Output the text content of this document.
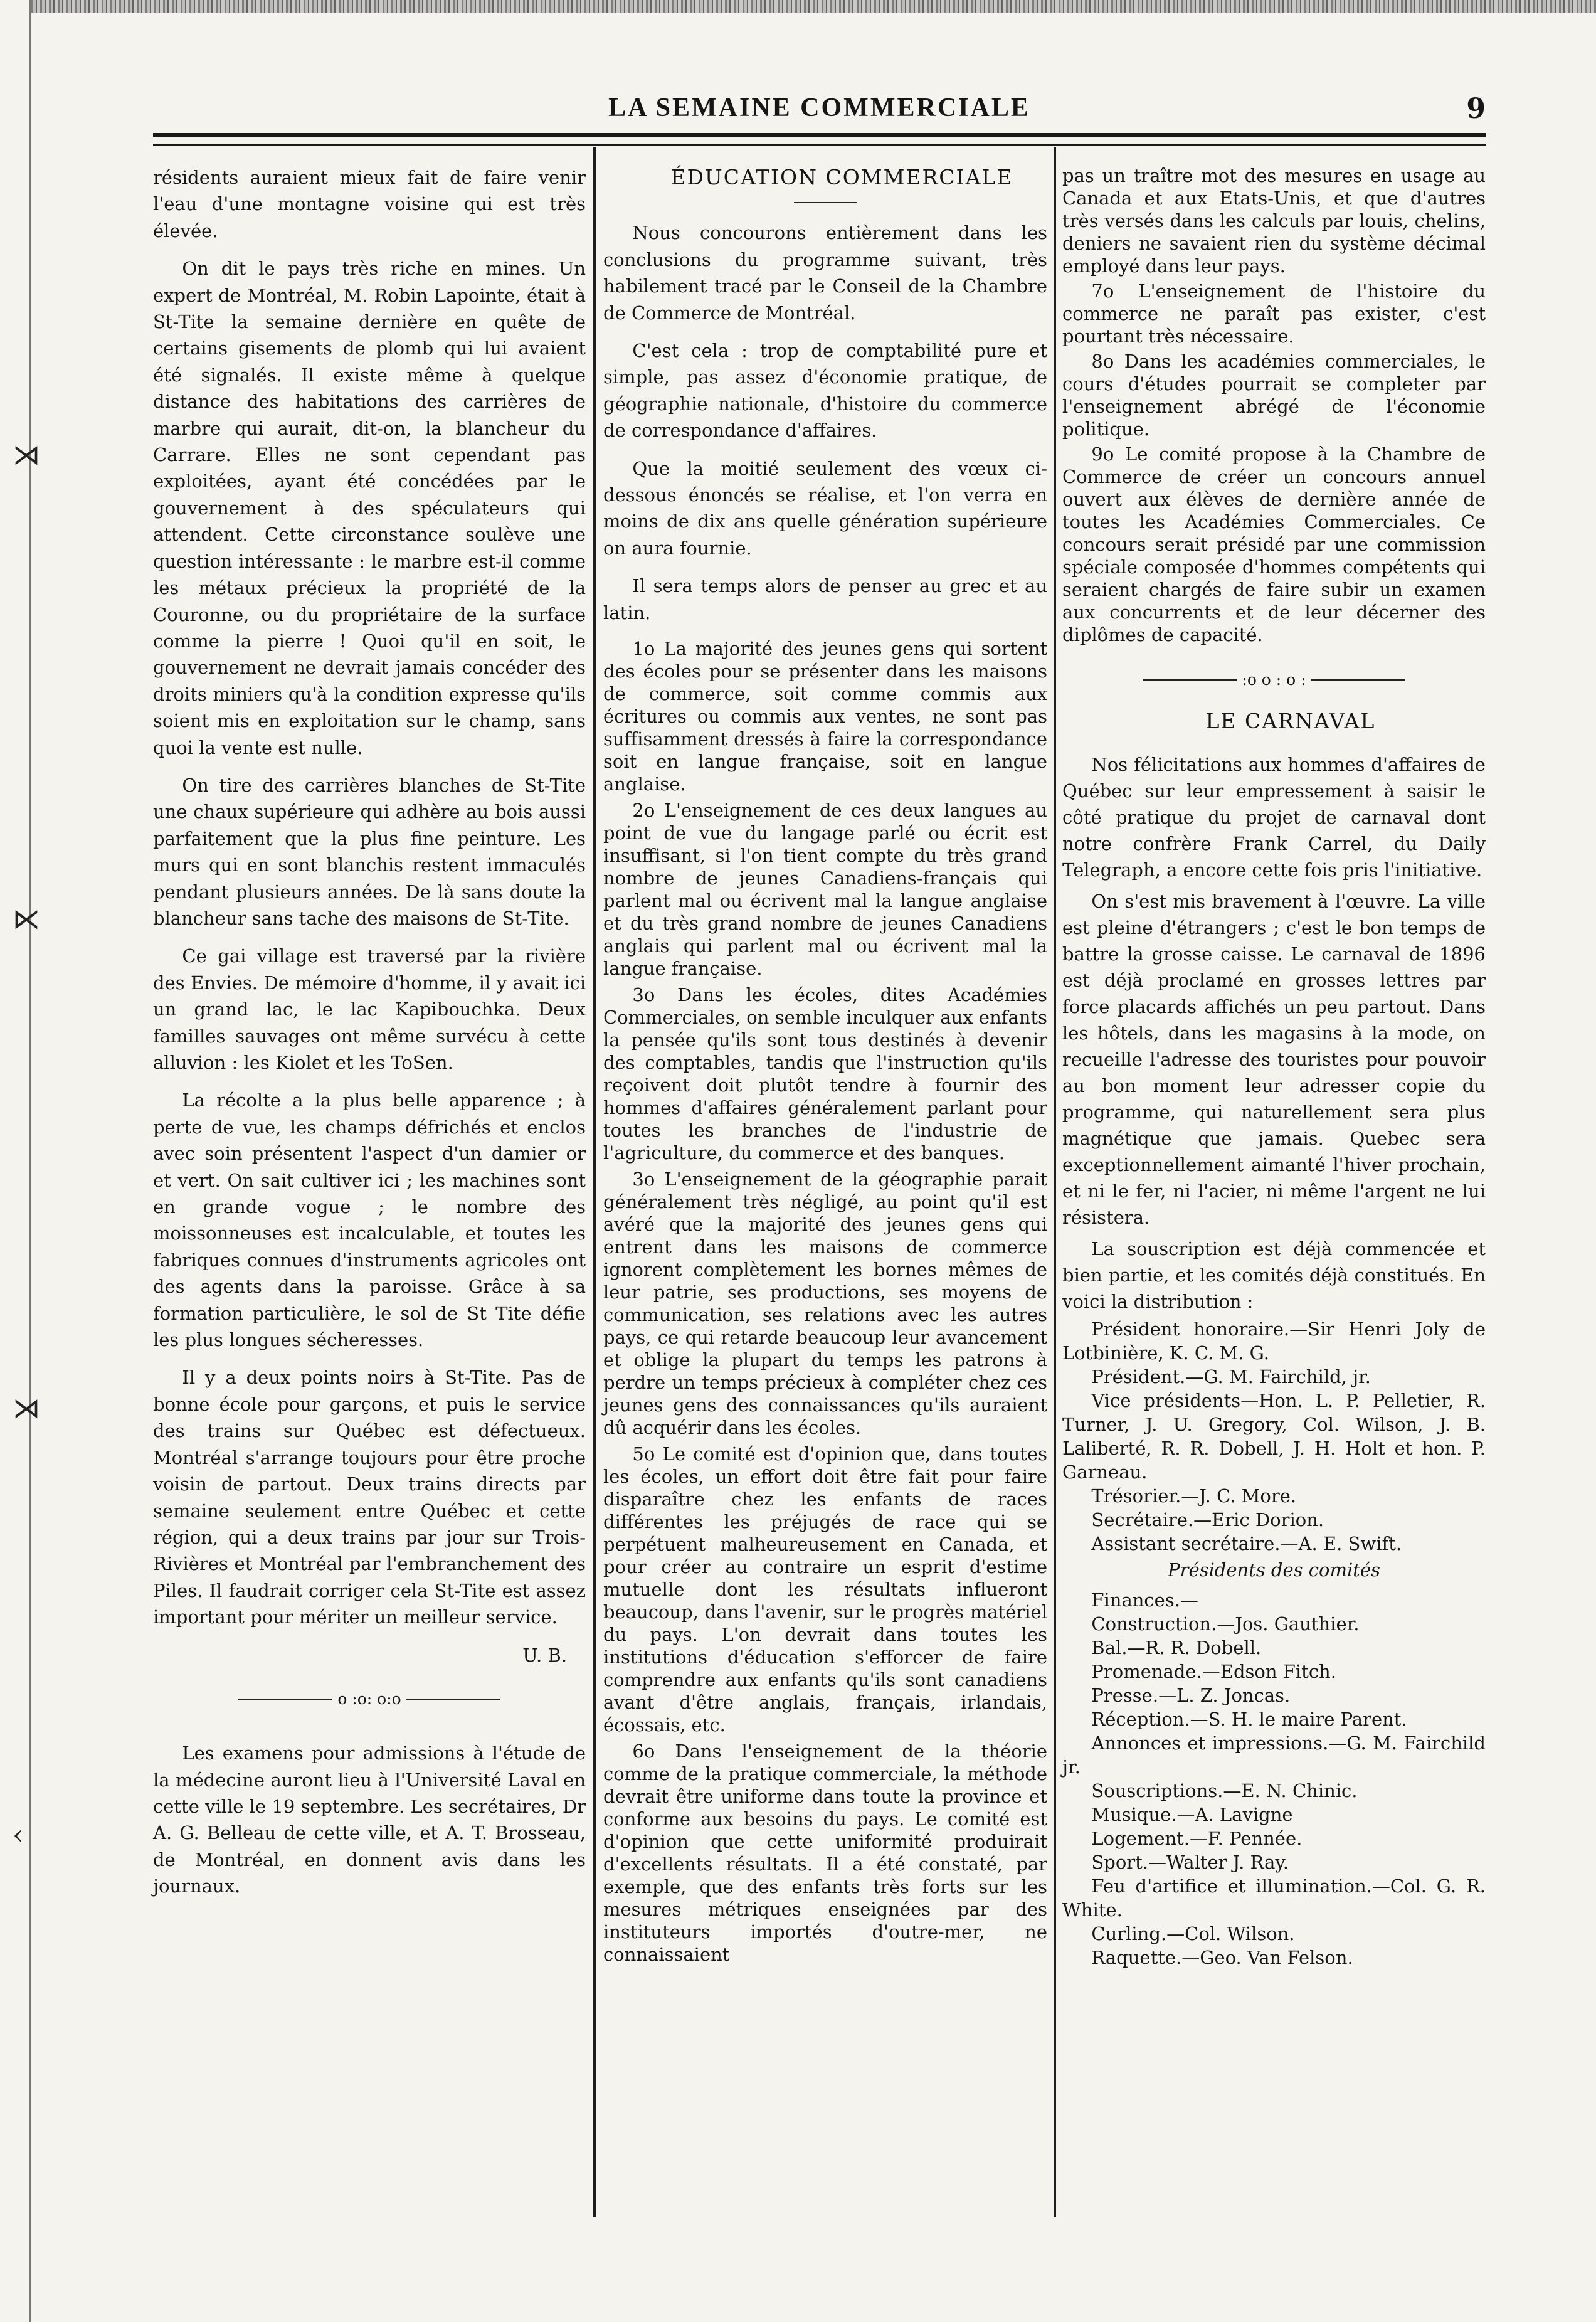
⋊
⋉
⋊
‹
LA SEMAINE COMMERCIALE	9

résidents auraient mieux fait de faire venir l'eau d'une montagne voisine qui est très élevée.

On dit le pays très riche en mines. Un expert de Montréal, M. Robin Lapointe, était à St-Tite la semaine dernière en quête de certains gisements de plomb qui lui avaient été signalés. Il existe même à quelque distance des habitations des carrières de marbre qui aurait, dit-on, la blancheur du Carrare. Elles ne sont cependant pas exploitées, ayant été concédées par le gouvernement à des spéculateurs qui attendent. Cette circonstance soulève une question intéressante : le marbre est-il comme les métaux précieux la propriété de la Couronne, ou du propriétaire de la surface comme la pierre ! Quoi qu'il en soit, le gouvernement ne devrait jamais concéder des droits miniers qu'à la condition expresse qu'ils soient mis en exploitation sur le champ, sans quoi la vente est nulle.

On tire des carrières blanches de St-Tite une chaux supérieure qui adhère au bois aussi parfaitement que la plus fine peinture. Les murs qui en sont blanchis restent immaculés pendant plusieurs années. De là sans doute la blancheur sans tache des maisons de St-Tite.

Ce gai village est traversé par la rivière des Envies. De mémoire d'homme, il y avait ici un grand lac, le lac Kapibouchka. Deux familles sauvages ont même survécu à cette alluvion : les Kiolet et les ToSen.

La récolte a la plus belle apparence ; à perte de vue, les champs défrichés et enclos avec soin présentent l'aspect d'un damier or et vert. On sait cultiver ici ; les machines sont en grande vogue ; le nombre des moissonneuses est incalculable, et toutes les fabriques connues d'instruments agricoles ont des agents dans la paroisse. Grâce à sa formation particulière, le sol de St Tite défie les plus longues sécheresses.

Il y a deux points noirs à St-Tite. Pas de bonne école pour garçons, et puis le service des trains sur Québec est défectueux. Montréal s'arrange toujours pour être proche voisin de partout. Deux trains directs par semaine seulement entre Québec et cette région, qui a deux trains par jour sur Trois-Rivières et Montréal par l'embranchement des Piles. Il faudrait corriger cela St-Tite est assez important pour mériter un meilleur service.

U. B.

o :o: o:o

Les examens pour admissions à l'étude de la médecine auront lieu à l'Université Laval en cette ville le 19 septembre. Les secrétaires, Dr A. G. Belleau de cette ville, et A. T. Brosseau, de Montréal, en donnent avis dans les journaux.

ÉDUCATION COMMERCIALE

Nous concourons entièrement dans les conclusions du programme suivant, très habilement tracé par le Conseil de la Chambre de Commerce de Montréal.

C'est cela : trop de comptabilité pure et simple, pas assez d'économie pratique, de géographie nationale, d'histoire du commerce de correspondance d'affaires.

Que la moitié seulement des vœux ci-dessous énoncés se réalise, et l'on verra en moins de dix ans quelle génération supérieure on aura fournie.

Il sera temps alors de penser au grec et au latin.

1o La majorité des jeunes gens qui sortent des écoles pour se présenter dans les maisons de commerce, soit comme commis aux écritures ou commis aux ventes, ne sont pas suffisamment dressés à faire la correspondance soit en langue française, soit en langue anglaise.

2o L'enseignement de ces deux langues au point de vue du langage parlé ou écrit est insuffisant, si l'on tient compte du très grand nombre de jeunes Canadiens-français qui parlent mal ou écrivent mal la langue anglaise et du très grand nombre de jeunes Canadiens anglais qui parlent mal ou écrivent mal la langue française.

3o Dans les écoles, dites Académies Commerciales, on semble inculquer aux enfants la pensée qu'ils sont tous destinés à devenir des comptables, tandis que l'instruction qu'ils reçoivent doit plutôt tendre à fournir des hommes d'affaires généralement parlant pour toutes les branches de l'industrie de l'agriculture, du commerce et des banques.

3o L'enseignement de la géographie parait généralement très négligé, au point qu'il est avéré que la majorité des jeunes gens qui entrent dans les maisons de commerce ignorent complètement les bornes mêmes de leur patrie, ses productions, ses moyens de communication, ses relations avec les autres pays, ce qui retarde beaucoup leur avancement et oblige la plupart du temps les patrons à perdre un temps précieux à compléter chez ces jeunes gens des connaissances qu'ils auraient dû acquérir dans les écoles.

5o Le comité est d'opinion que, dans toutes les écoles, un effort doit être fait pour faire disparaître chez les enfants de races différentes les préjugés de race qui se perpétuent malheureusement en Canada, et pour créer au contraire un esprit d'estime mutuelle dont les résultats influeront beaucoup, dans l'avenir, sur le progrès matériel du pays. L'on devrait dans toutes les institutions d'éducation s'efforcer de faire comprendre aux enfants qu'ils sont canadiens avant d'être anglais, français, irlandais, écossais, etc.

6o Dans l'enseignement de la théorie comme de la pratique commerciale, la méthode devrait être uniforme dans toute la province et conforme aux besoins du pays. Le comité est d'opinion que cette uniformité produirait d'excellents résultats. Il a été constaté, par exemple, que des enfants très forts sur les mesures métriques enseignées par des instituteurs importés d'outre-mer, ne connaissaient

pas un traître mot des mesures en usage au Canada et aux Etats-Unis, et que d'autres très versés dans les calculs par louis, chelins, deniers ne savaient rien du système décimal employé dans leur pays.

7o L'enseignement de l'histoire du commerce ne paraît pas exister, c'est pourtant très nécessaire.

8o Dans les académies commerciales, le cours d'études pourrait se completer par l'enseignement abrégé de l'économie politique.

9o Le comité propose à la Chambre de Commerce de créer un concours annuel ouvert aux élèves de dernière année de toutes les Académies Commerciales. Ce concours serait présidé par une commission spéciale composée d'hommes compétents qui seraient chargés de faire subir un examen aux concurrents et de leur décerner des diplômes de capacité.

:o o : o :

LE CARNAVAL

Nos félicitations aux hommes d'affaires de Québec sur leur empressement à saisir le côté pratique du projet de carnaval dont notre confrère Frank Carrel, du Daily Telegraph, a encore cette fois pris l'initiative.

On s'est mis bravement à l'œuvre. La ville est pleine d'étrangers ; c'est le bon temps de battre la grosse caisse. Le carnaval de 1896 est déjà proclamé en grosses lettres par force placards affichés un peu partout. Dans les hôtels, dans les magasins à la mode, on recueille l'adresse des touristes pour pouvoir au bon moment leur adresser copie du programme, qui naturellement sera plus magnétique que jamais. Quebec sera exceptionnellement aimanté l'hiver prochain, et ni le fer, ni l'acier, ni même l'argent ne lui résistera.

La souscription est déjà commencée et bien partie, et les comités déjà constitués. En voici la distribution :

Président honoraire.—Sir Henri Joly de Lotbinière, K. C. M. G.

Président.—G. M. Fairchild, jr.

Vice présidents—Hon. L. P. Pelletier, R. Turner, J. U. Gregory, Col. Wilson, J. B. Laliberté, R. R. Dobell, J. H. Holt et hon. P. Garneau.

Trésorier.—J. C. More.

Secrétaire.—Eric Dorion.

Assistant secrétaire.—A. E. Swift.

Présidents des comités

Finances.—

Construction.—Jos. Gauthier.

Bal.—R. R. Dobell.

Promenade.—Edson Fitch.

Presse.—L. Z. Joncas.

Réception.—S. H. le maire Parent.

Annonces et impressions.—G. M. Fairchild jr.

Souscriptions.—E. N. Chinic.

Musique.—A. Lavigne

Logement.—F. Pennée.

Sport.—Walter J. Ray.

Feu d'artifice et illumination.—Col. G. R. White.

Curling.—Col. Wilson.

Raquette.—Geo. Van Felson.
